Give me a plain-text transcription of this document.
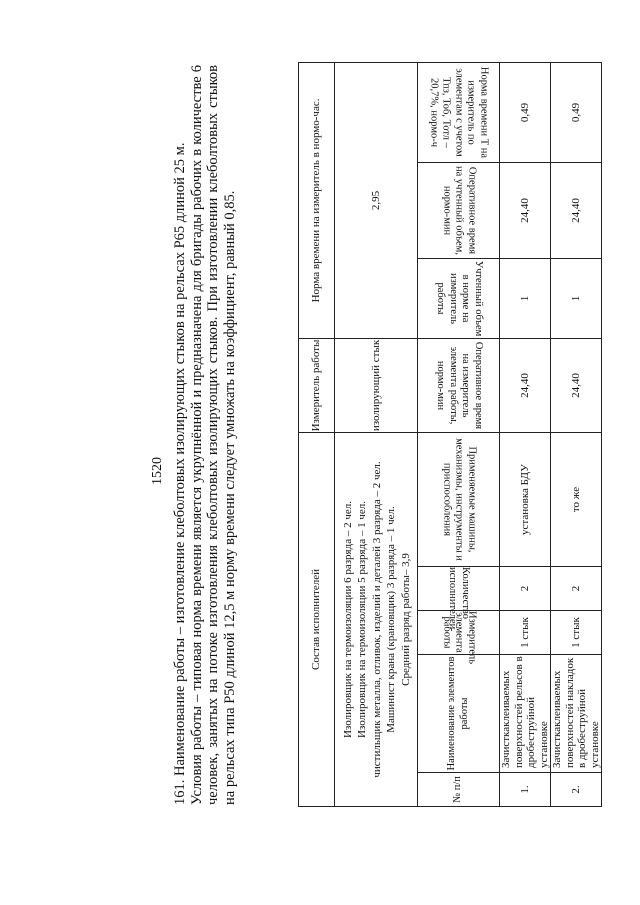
1520 161. Наименование работы – изготовление клеболтовых изолирующих стыков на рельсах Р65 длиной 25 м. Условия работы – типовая норма времени является укрупнённой и предназначена для бригады рабочих в количестве 6 человек, занятых на потоке изготовления клеболтовых изолирующих стыков. При изготовлении клеболтовых стыков на рельсах типа Р50 длиной 12,5 м норму времени следует умножать на коэффициент, равный 0,85.	Состав исполнителей					Измеритель работы	Норма времени на измеритель в нормо-час.		

Изолировщик на термоизоляции 6 разряда – 2 чел. Изолировщик на термоизоляции 5 разряда – 1 чел. чистильщик металла, отливок, изделий и деталей 3 разряда – 2 чел. Машинист крана (крановщик) 3 разряда – 1 чел. Средний разряд работы– 3,9					изолирующий стык	2,95		
№ п/п	Наименование элементов работы	Измеритель элемента работы	Количество исполнителей	Применяемые машины, механизмы, инструменты и приспособления	Оперативное время на измеритель элемента работы, нормо-мин	Учтенный объем в норме на измеритель работы	Оперативное время на учтенный объем, нормо-мин	Норма времени Т на измеритель по элементам с учетом Тпз, Тоб, Тотл – 20,7%, нормо-ч

1.	Зачисткаклеиваемых поверхностей рельсов в дробеструйной установке	1 стык	2	установка БДУ	24,40	1	24,40	0,49
2.	Зачисткаклеиваемых поверхностей накладок в дробеструйной установке	1 стык	2	то же	24,40	1	24,40	0,49
